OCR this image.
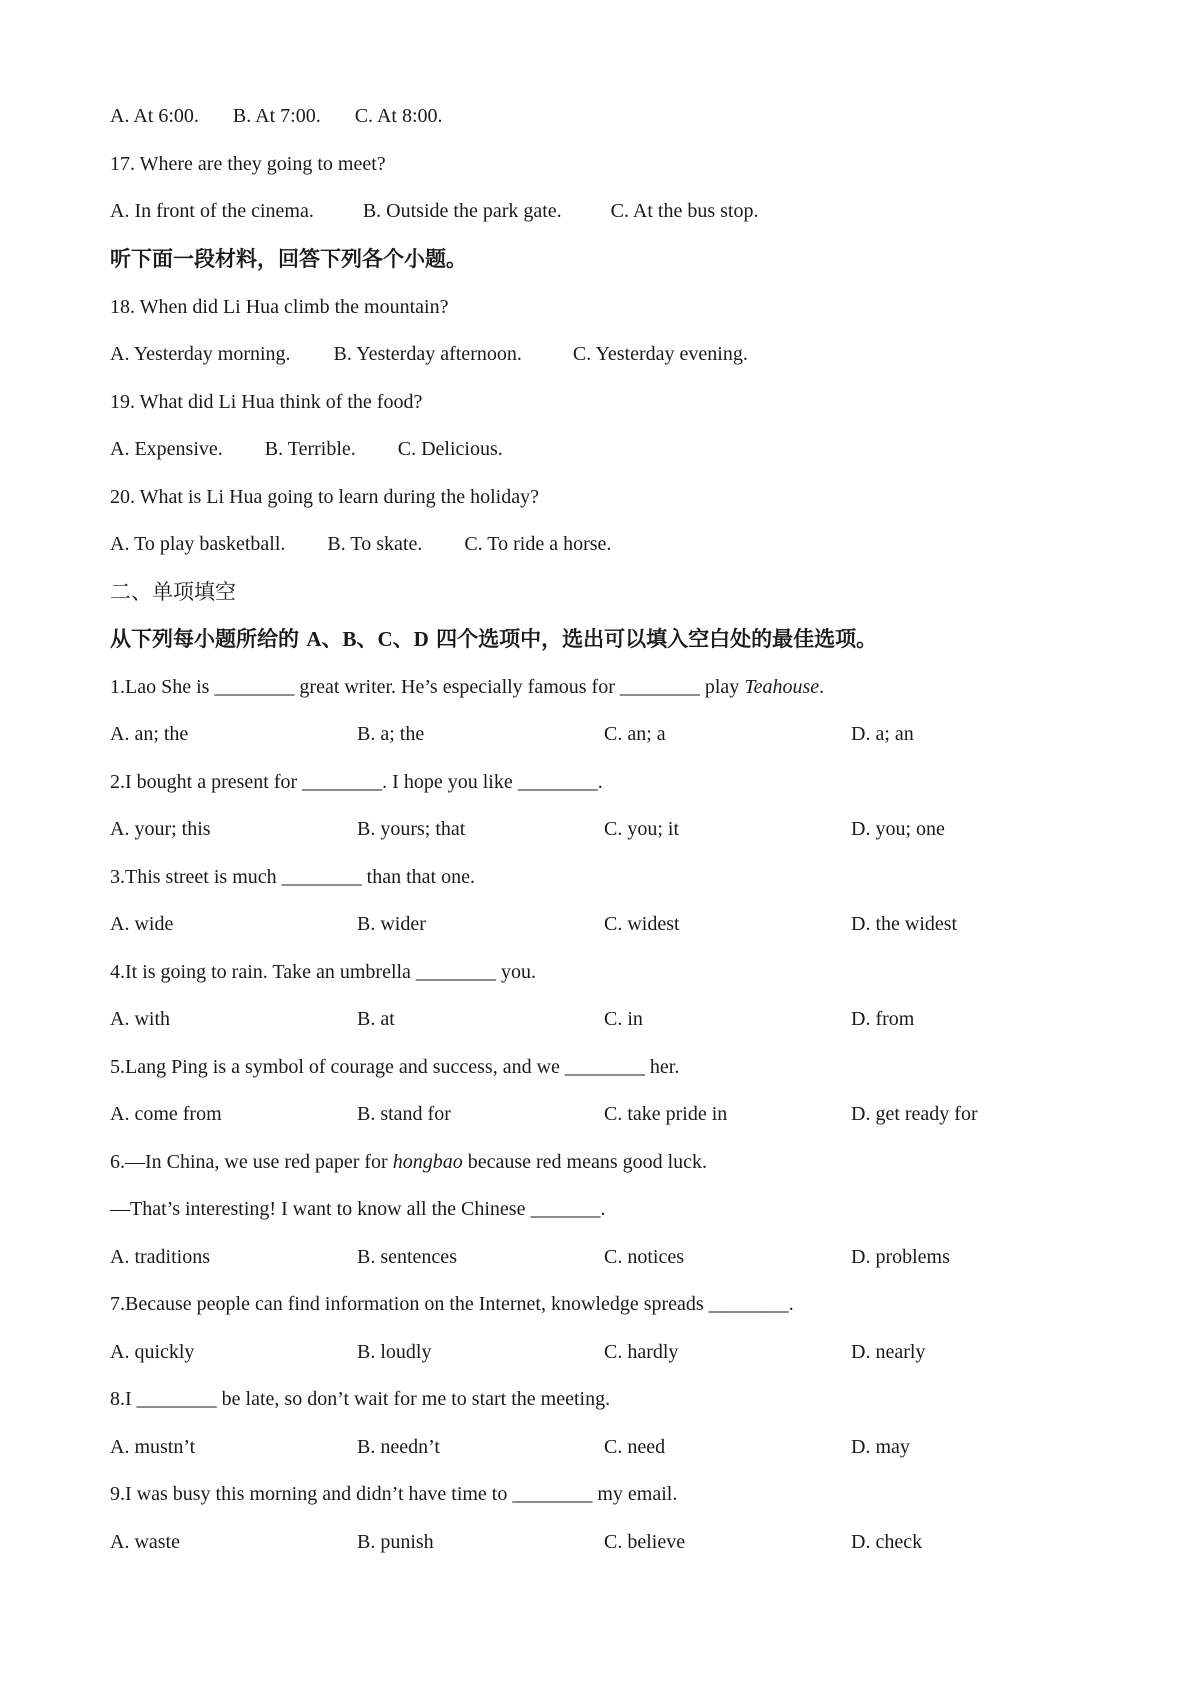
A. At 6:00. B. At 7:00. C. At 8:00.
17. Where are they going to meet?
A. In front of the cinema. B. Outside the park gate. C. At the bus stop.
听下面一段材料，回答下列各个小题。
18. When did Li Hua climb the mountain?
A. Yesterday morning. B. Yesterday afternoon.	C. Yesterday evening.
19. What did Li Hua think of the food?
A. Expensive. B. Terrible. C. Delicious.
20. What is Li Hua going to learn during the holiday?
A. To play basketball. B. To skate. C. To ride a horse.
二、单项填空
从下列每小题所给的 A、B、C、D 四个选项中，选出可以填入空白处的最佳选项。
1.Lao She is ________ great writer. He’s especially famous for ________ play Teahouse.
A. an; the	B. a; the	C. an; a	D. a; an
2.I bought a present for ________. I hope you like ________.
A. your; this	B. yours; that	C. you; it	D. you; one
3.This street is much ________ than that one.
A. wide	B. wider	C. widest	D. the widest
4.It is going to rain. Take an umbrella ________ you.
A. with	B. at	C. in	D. from
5.Lang Ping is a symbol of courage and success, and we ________ her.
A. come from	B. stand for	C. take pride in	D. get ready for
6.—In China, we use red paper for hongbao because red means good luck.
—That’s interesting! I want to know all the Chinese _______.
A. traditions	B. sentences	C. notices	D. problems
7.Because people can find information on the Internet, knowledge spreads ________.
A. quickly	B. loudly	C. hardly	D. nearly
8.I ________ be late, so don’t wait for me to start the meeting.
A. mustn’t	B. needn’t	C. need	D. may
9.I was busy this morning and didn’t have time to ________ my email.
A. waste	B. punish	C. believe	D. check
